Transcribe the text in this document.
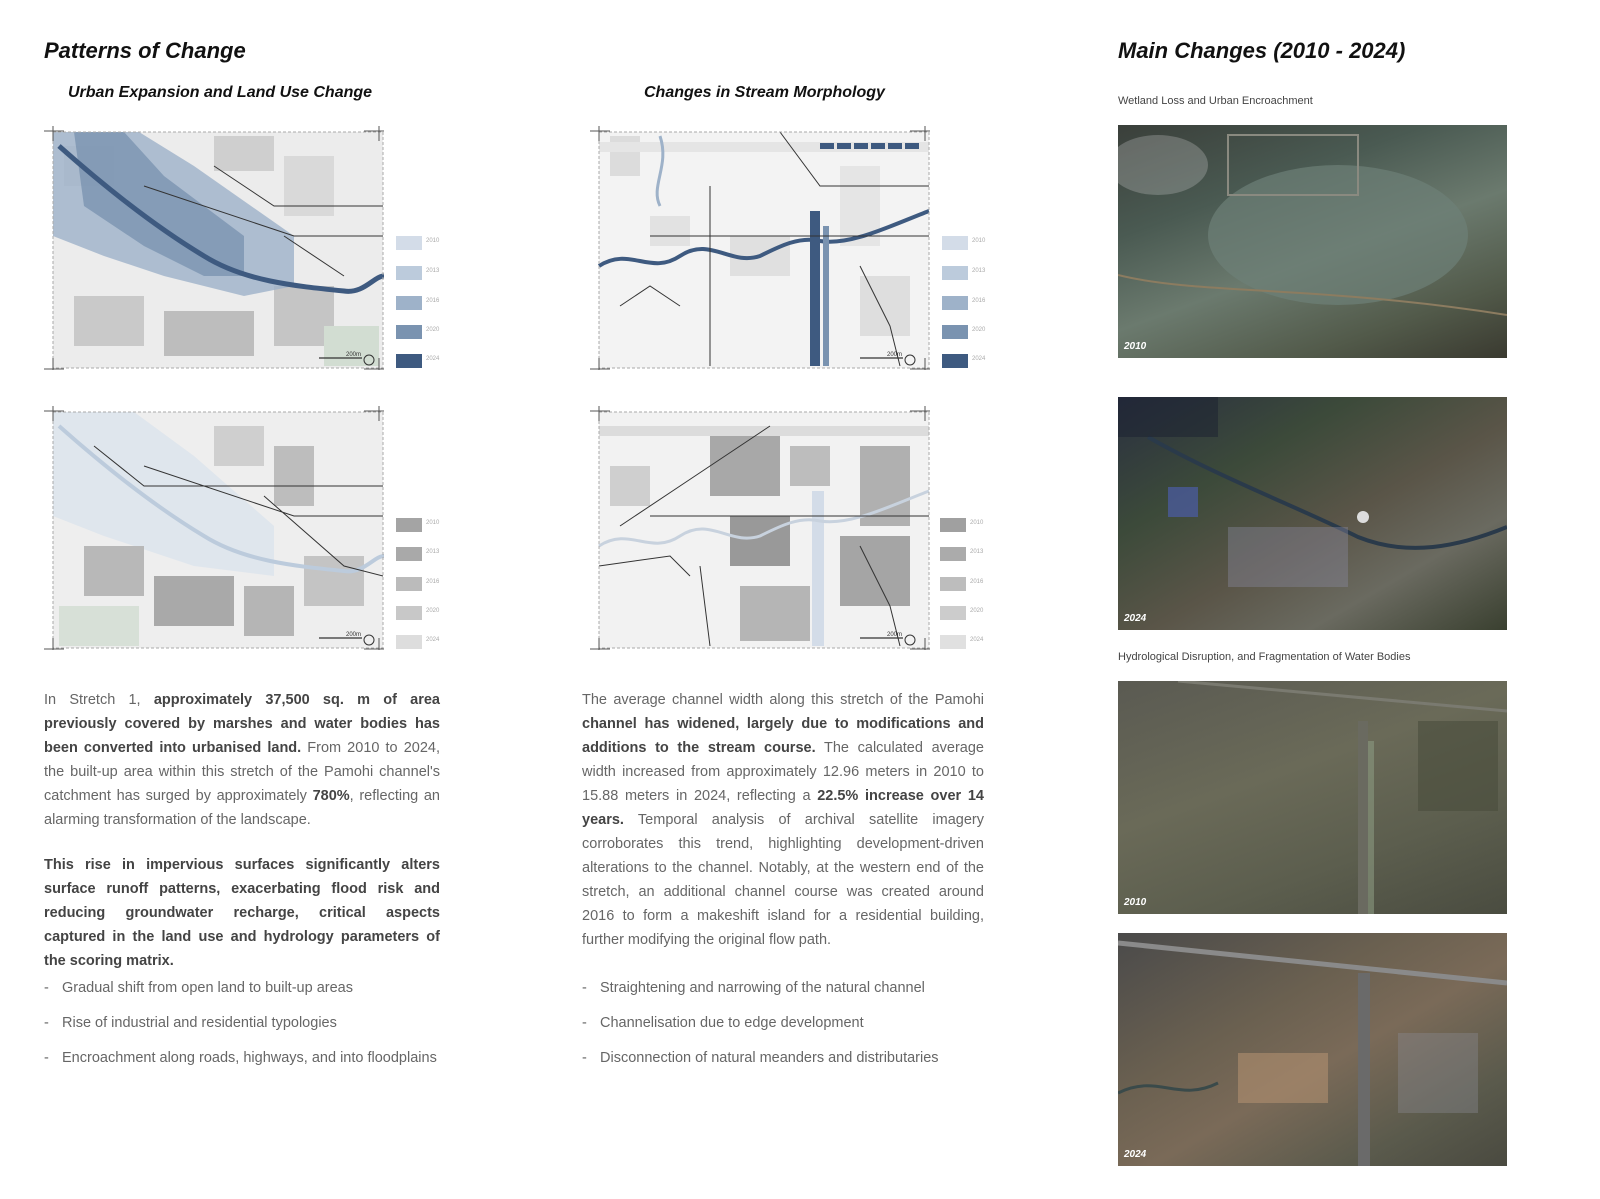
Patterns of Change
Urban Expansion and Land Use Change	Changes in Stream Morphology
200m
2010
2013
2016
2020
2024
200m
2010
2013
2016
2020
2024
200m
2010
2013
2016
2020
2024
200m
2010
2013
2016
2020
2024

In Stretch 1, approximately 37,500 sq. m of area previously covered by marshes and water bodies has been converted into urbanised land. From 2010 to 2024, the built-up area within this stretch of the Pamohi channel's catchment has surged by approximately 780%, reflecting an alarming transformation of the landscape.

This rise in impervious surfaces significantly alters surface runoff patterns, exacerbating flood risk and reducing groundwater recharge, critical aspects captured in the land use and hydrology parameters of the scoring matrix.

The average channel width along this stretch of the Pamohi channel has widened, largely due to modifications and additions to the stream course. The calculated average width increased from approximately 12.96 meters in 2010 to 15.88 meters in 2024, reflecting a 22.5% increase over 14 years. Temporal analysis of archival satellite imagery corroborates this trend, highlighting development-driven alterations to the channel. Notably, at the western end of the stretch, an additional channel course was created around 2016 to form a makeshift island for a residential building, further modifying the original flow path.

- Gradual shift from open land to built-up areas
- Rise of industrial and residential typologies
- Encroachment along roads, highways, and into floodplains
- Straightening and narrowing of the natural channel
- Channelisation due to edge development
- Disconnection of natural meanders and distributaries
Main Changes (2010 - 2024)
Wetland Loss and Urban Encroachment
2010
2024
Hydrological Disruption, and Fragmentation of Water Bodies
2010
2024
